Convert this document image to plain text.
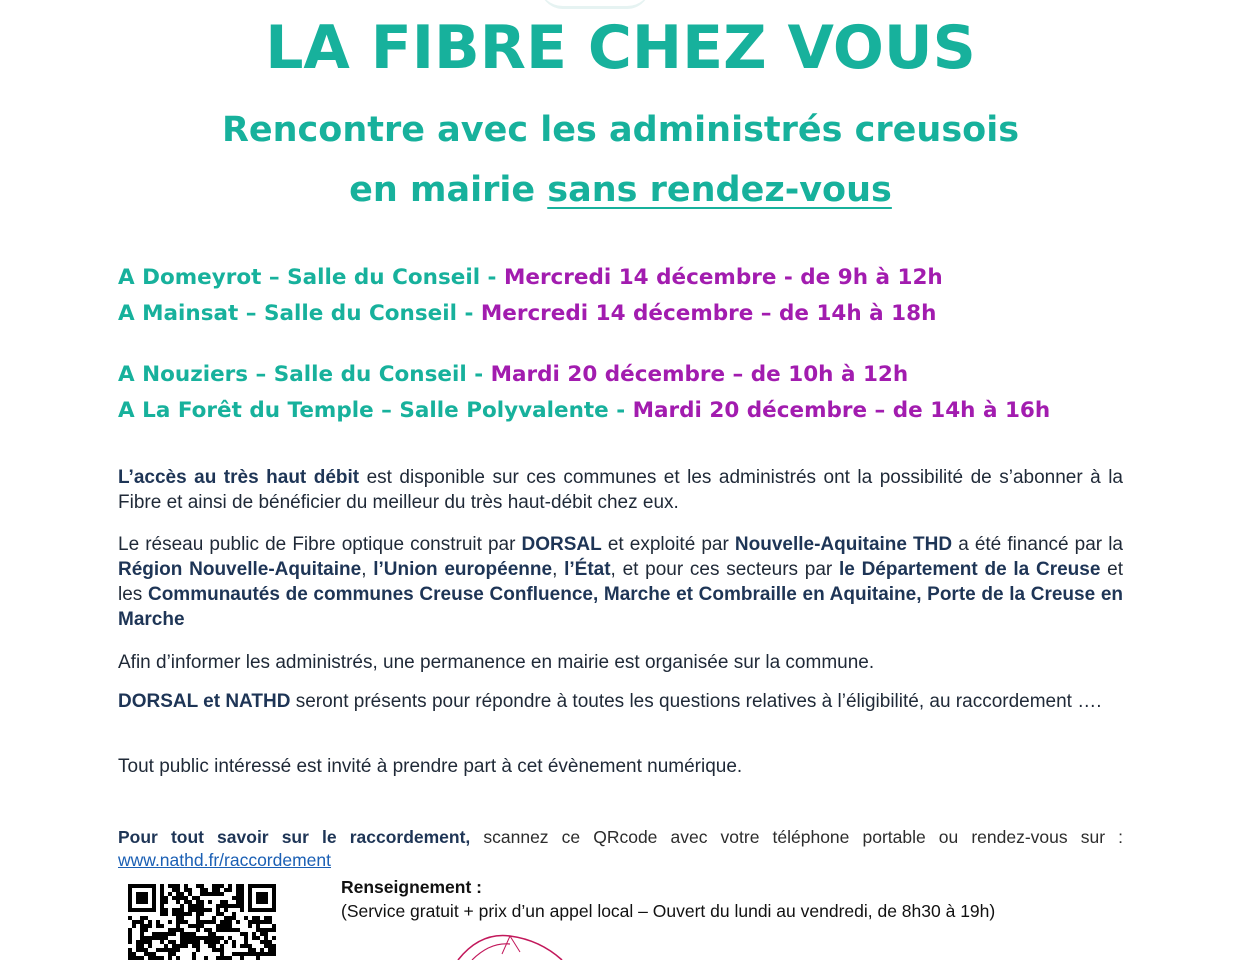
LA FIBRE CHEZ VOUS

Rencontre avec les administrés creusois

en mairie sans rendez-vous

A Domeyrot – Salle du Conseil - Mercredi 14 décembre - de 9h à 12h

A Mainsat – Salle du Conseil - Mercredi 14 décembre – de 14h à 18h

A Nouziers – Salle du Conseil - Mardi 20 décembre – de 10h à 12h

A La Forêt du Temple – Salle Polyvalente - Mardi 20 décembre – de 14h à 16h

L’accès au très haut débit est disponible sur ces communes et les administrés ont la possibilité de s’abonner à la Fibre et ainsi de bénéficier du meilleur du très haut-débit chez eux.

Le réseau public de Fibre optique construit par DORSAL et exploité par Nouvelle-Aquitaine THD a été financé par la Région Nouvelle-Aquitaine, l’Union européenne, l’État, et pour ces secteurs par le Département de la Creuse et les Communautés de communes Creuse Confluence, Marche et Combraille en Aquitaine, Porte de la Creuse en Marche

Afin d’informer les administrés, une permanence en mairie est organisée sur la commune.

DORSAL et NATHD seront présents pour répondre à toutes les questions relatives à l’éligibilité, au raccordement ….

Tout public intéressé est invité à prendre part à cet évènement numérique.

Pour tout savoir sur le raccordement, scannez ce QRcode avec votre téléphone portable ou rendez-vous sur : www.nathd.fr/raccordement

Renseignement :
(Service gratuit + prix d’un appel local – Ouvert du lundi au vendredi, de 8h30 à 19h)
